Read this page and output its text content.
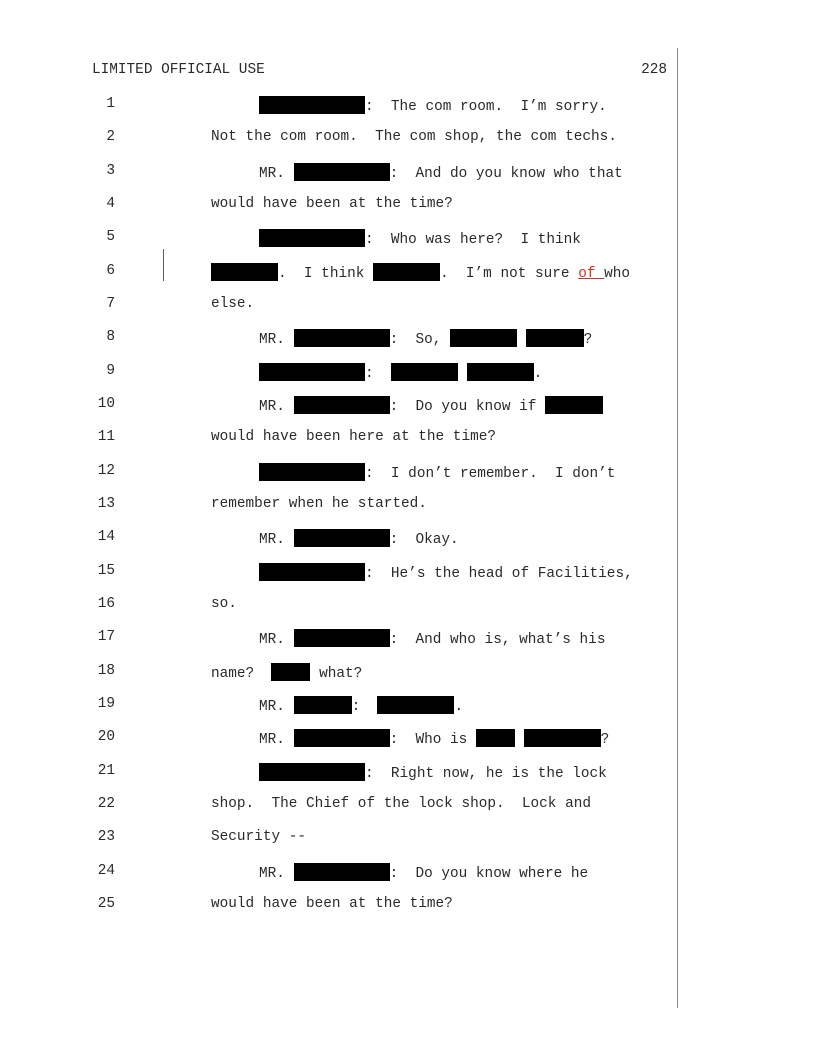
LIMITED OFFICIAL USE	228
1	:  The com room.  I’m sorry.
2	Not the com room.  The com shop, the com techs.
3	MR.	:  And do you know who that
4	would have been at the time?
5	:  Who was here?  I think
6	.  I think	.  I’m not sure of who
7	else.
8	MR.	:  So,	?
9	:	.
10	MR.	:  Do you know if
11	would have been here at the time?
12	:  I don’t remember.  I don’t
13	remember when he started.
14	MR.	:  Okay.
15	:  He’s the head of Facilities,
16	so.
17	MR.	:  And who is, what’s his
18	name?	what?
19	MR.	:	.
20	MR.	:  Who is	?
21	:  Right now, he is the lock
22	shop.  The Chief of the lock shop.  Lock and
23	Security --
24	MR.	:  Do you know where he
25	would have been at the time?
